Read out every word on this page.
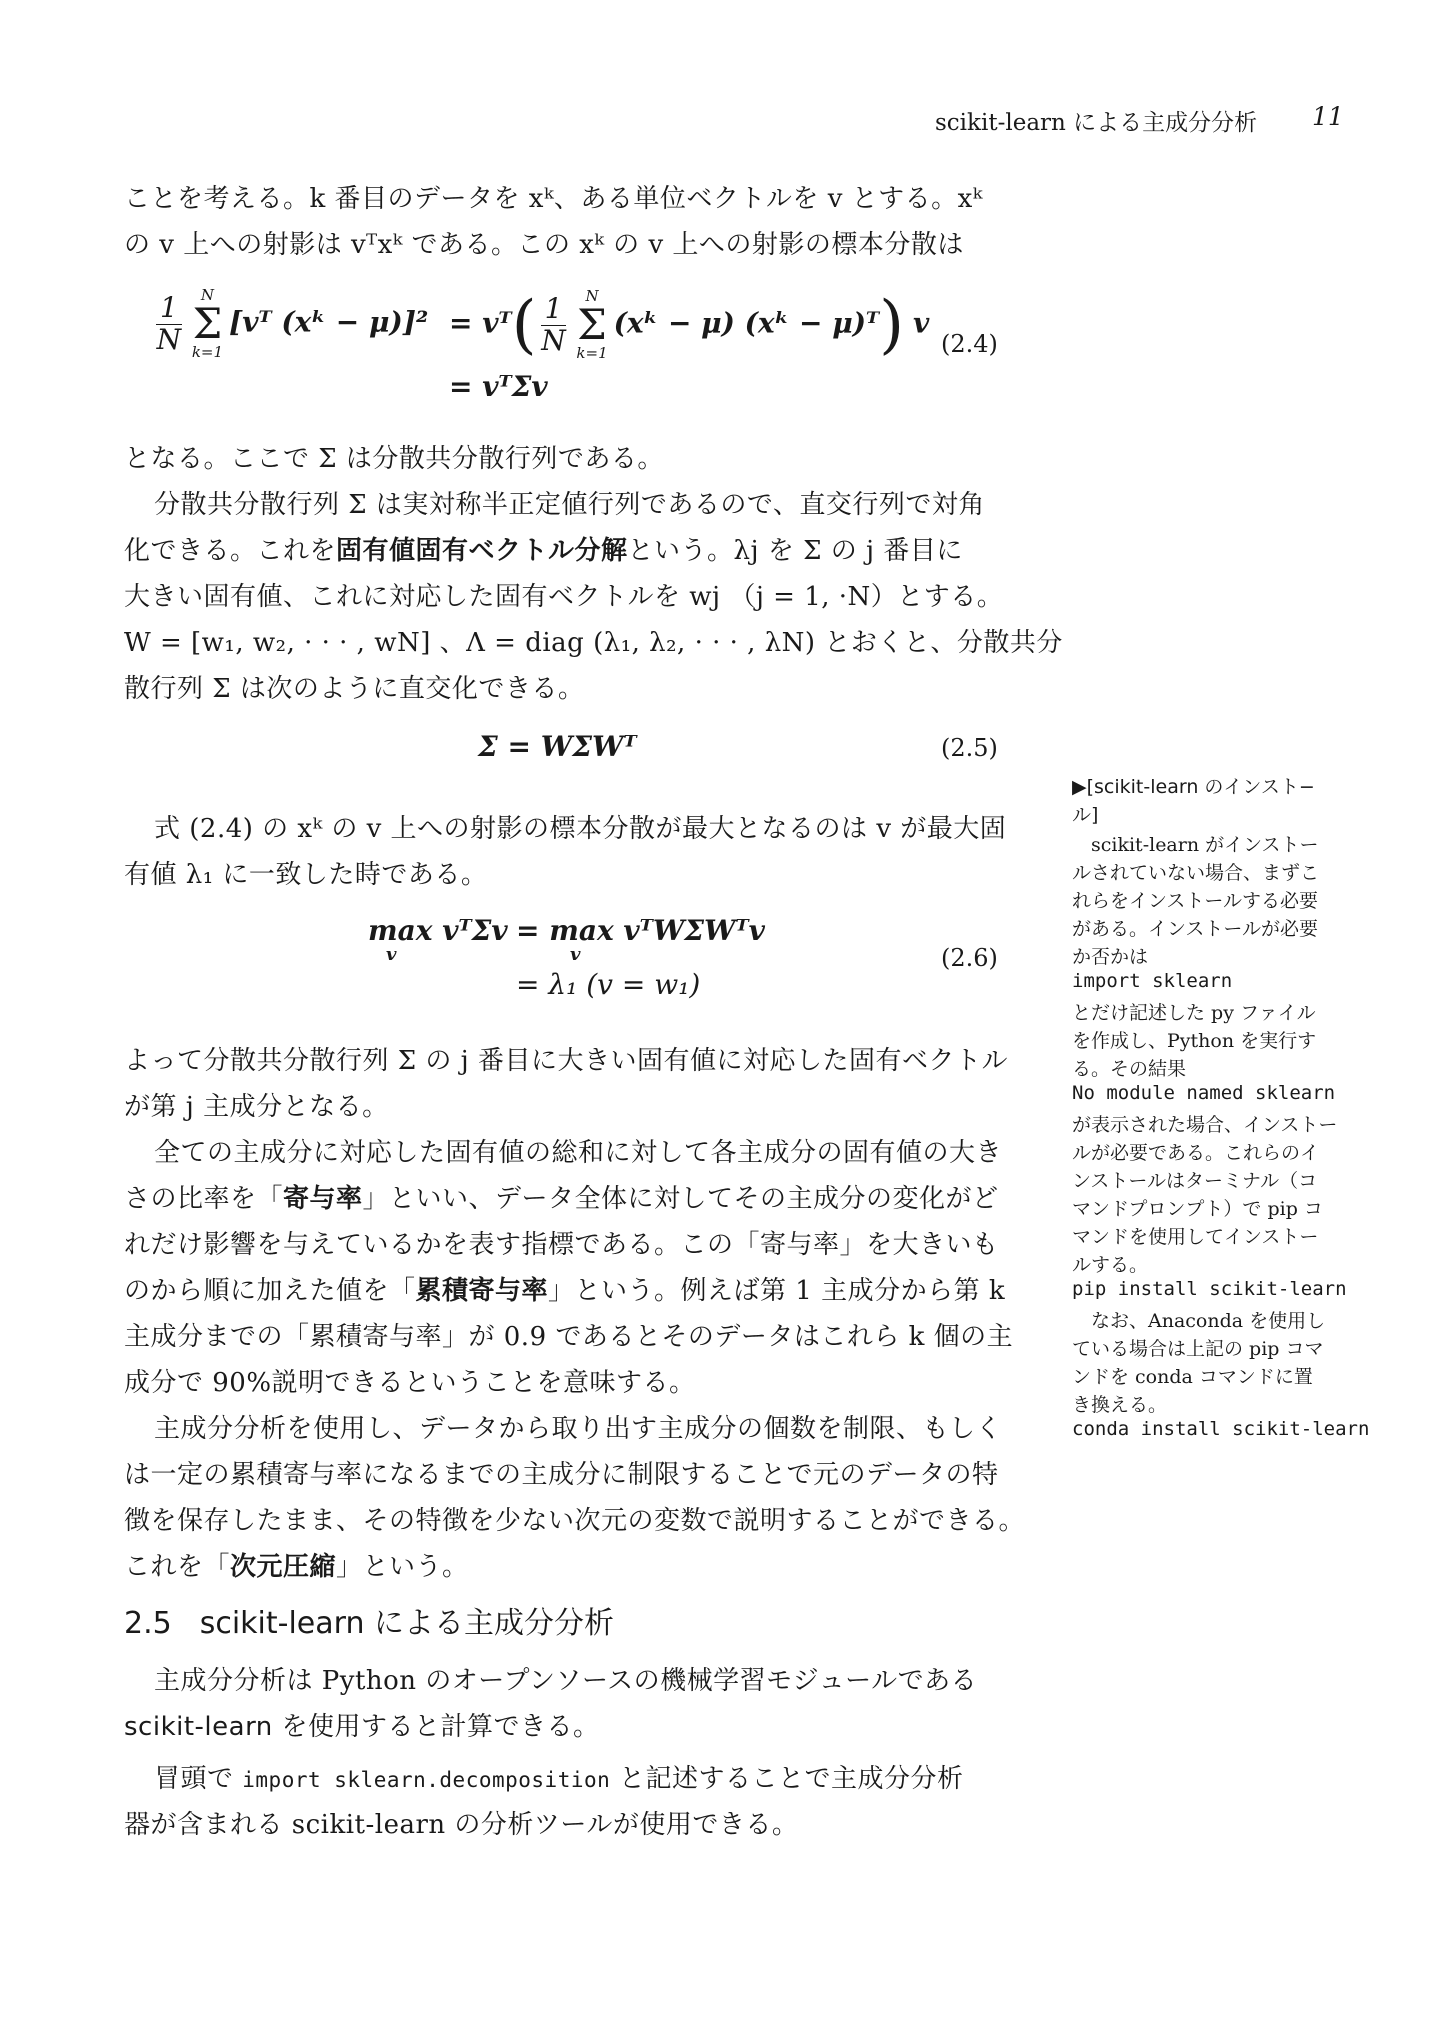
scikit-learn による主成分分析 11
ことを考える。k 番目のデータを xᵏ、ある単位ベクトルを v とする。xᵏ
の v 上への射影は vᵀxᵏ である。この xᵏ の v 上への射影の標本分散は
$\frac{1}{N}$	N
Σ
k=1
[vᵀ (xᵏ − μ)]² = vᵀ( $\frac{1}{N}$	N
Σ
k=1
(xᵏ − μ) (xᵏ − μ)ᵀ) v
= vᵀΣv
(2.4)
となる。ここで Σ は分散共分散行列である。
分散共分散行列 Σ は実対称半正定値行列であるので、直交行列で対角
化できる。これを固有値固有ベクトル分解という。λj を Σ の j 番目に
大きい固有値、これに対応した固有ベクトルを wj （j = 1, ·N）とする。
W = [w₁, w₂, · · · , wN] 、Λ = diag (λ₁, λ₂, · · · , λN) とおくと、分散共分
散行列 Σ は次のように直交化できる。
Σ = WΣWᵀ	(2.5)
式 (2.4) の xᵏ の v 上への射影の標本分散が最大となるのは v が最大固
有値 λ₁ に一致した時である。
max vᵀΣv
v
= max vᵀWΣWᵀv
v
= λ₁ (v = w₁)
(2.6)
よって分散共分散行列 Σ の j 番目に大きい固有値に対応した固有ベクトル
が第 j 主成分となる。
全ての主成分に対応した固有値の総和に対して各主成分の固有値の大き
さの比率を「寄与率」といい、データ全体に対してその主成分の変化がど
れだけ影響を与えているかを表す指標である。この「寄与率」を大きいも
のから順に加えた値を「累積寄与率」という。例えば第 1 主成分から第 k
主成分までの「累積寄与率」が 0.9 であるとそのデータはこれら k 個の主
成分で 90%説明できるということを意味する。
主成分分析を使用し、データから取り出す主成分の個数を制限、もしく
は一定の累積寄与率になるまでの主成分に制限することで元のデータの特
徴を保存したまま、その特徴を少ない次元の変数で説明することができる。
これを「次元圧縮」という。
2.5 scikit-learn による主成分分析
主成分分析は Python のオープンソースの機械学習モジュールである
scikit-learn を使用すると計算できる。
冒頭で import sklearn.decomposition と記述することで主成分分析
器が含まれる scikit-learn の分析ツールが使用できる。
▶[scikit-learn のインスト−
ル]
　scikit-learn がインストー
ルされていない場合、まずこ
れらをインストールする必要
がある。インストールが必要
か否かは
import sklearn
とだけ記述した py ファイル
を作成し、Python を実行す
る。その結果
No module named sklearn
が表示された場合、インストー
ルが必要である。これらのイ
ンストールはターミナル（コ
マンドプロンプト）で pip コ
マンドを使用してインストー
ルする。
pip install scikit-learn
　なお、Anaconda を使用し
ている場合は上記の pip コマ
ンドを conda コマンドに置
き換える。
conda install scikit-learn
